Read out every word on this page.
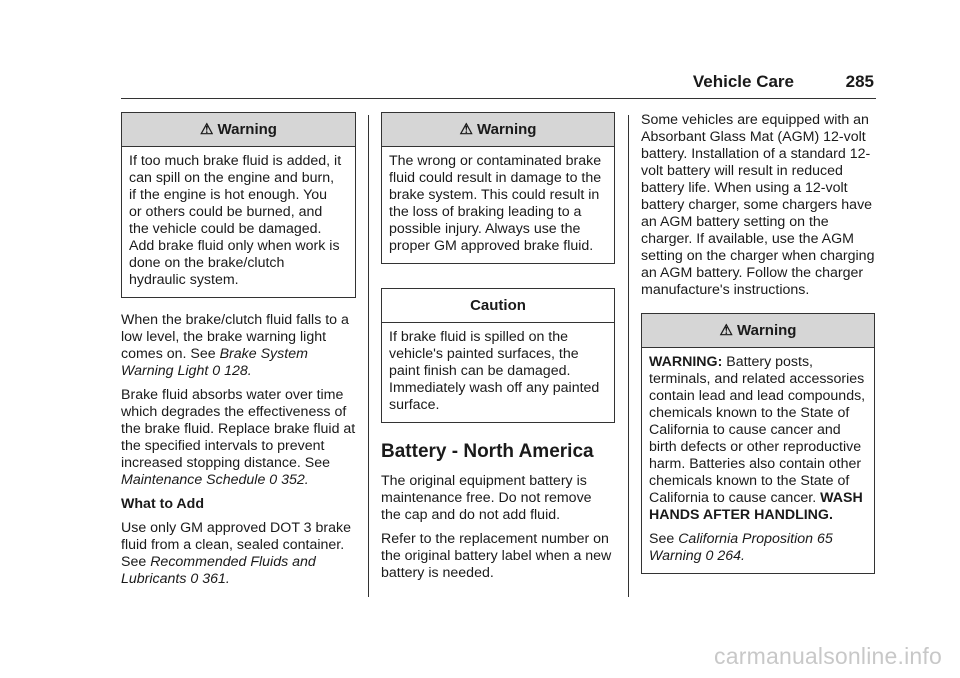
Vehicle Care	285
⚠ Warning
If too much brake fluid is added, it
can spill on the engine and burn,
if the engine is hot enough. You
or others could be burned, and
the vehicle could be damaged.
Add brake fluid only when work is
done on the brake/clutch
hydraulic system.

When the brake/clutch fluid falls to a low level, the brake warning light comes on. See Brake System Warning Light 0 128.

Brake fluid absorbs water over time which degrades the effectiveness of the brake fluid. Replace brake fluid at the specified intervals to prevent increased stopping distance. See Maintenance Schedule 0 352.

What to Add

Use only GM approved DOT 3 brake fluid from a clean, sealed container. See Recommended Fluids and Lubricants 0 361.

⚠ Warning
The wrong or contaminated brake
fluid could result in damage to the
brake system. This could result in
the loss of braking leading to a
possible injury. Always use the
proper GM approved brake fluid.
Caution
If brake fluid is spilled on the
vehicle's painted surfaces, the
paint finish can be damaged.
Immediately wash off any painted
surface.
Battery - North America

The original equipment battery is maintenance free. Do not remove the cap and do not add fluid.

Refer to the replacement number on the original battery label when a new battery is needed.

Some vehicles are equipped with an Absorbant Glass Mat (AGM) 12-volt battery. Installation of a standard 12-volt battery will result in reduced battery life. When using a 12-volt battery charger, some chargers have an AGM battery setting on the charger. If available, use the AGM setting on the charger when charging an AGM battery. Follow the charger manufacture's instructions.

⚠ Warning

WARNING: Battery posts, terminals, and related accessories contain lead and lead compounds, chemicals known to the State of California to cause cancer and birth defects or other reproductive harm. Batteries also contain other chemicals known to the State of California to cause cancer. WASH HANDS AFTER HANDLING.

See California Proposition 65 Warning 0 264.

carmanualsonline.info
